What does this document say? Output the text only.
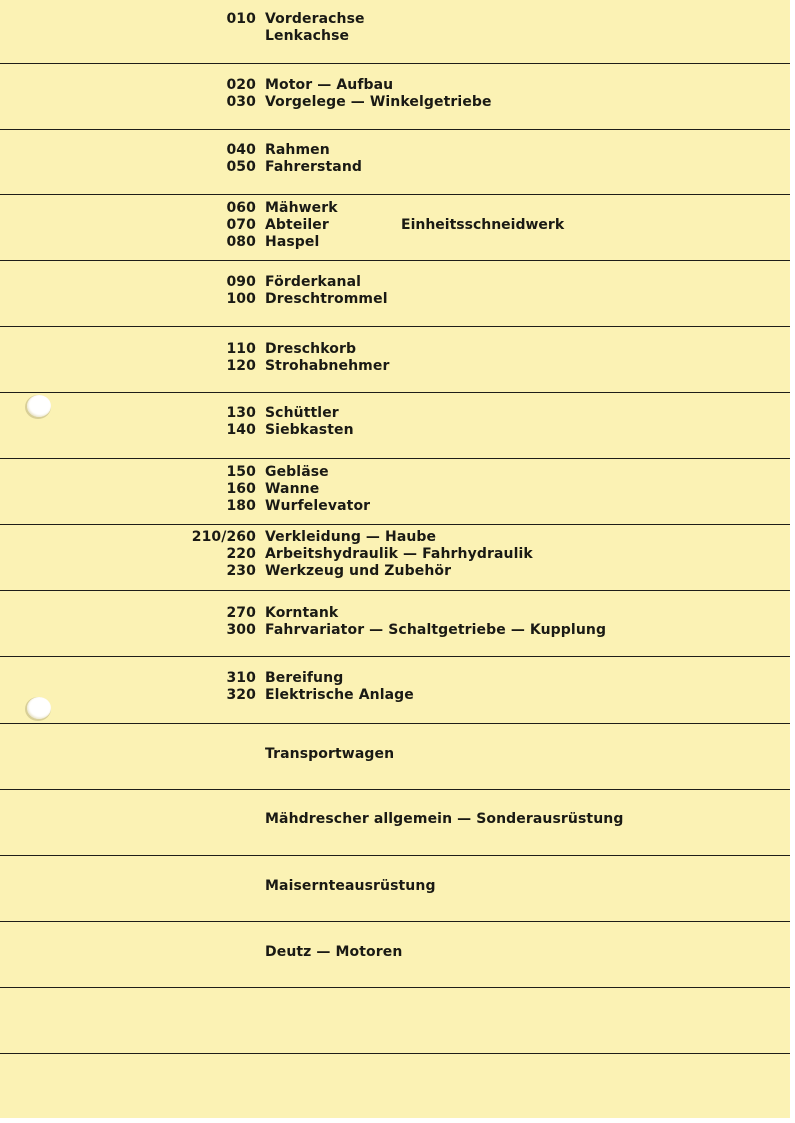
010 Vorderachse
Lenkachse
020 Motor — Aufbau
030 Vorgelege — Winkelgetriebe
040 Rahmen
050 Fahrerstand
060 Mähwerk
070 Abteiler
080 Haspel
Einheitsschneidwerk
090 Förderkanal
100 Dreschtrommel
110 Dreschkorb
120 Strohabnehmer
130 Schüttler
140 Siebkasten
150 Gebläse
160 Wanne
180 Wurfelevator
210/260 Verkleidung — Haube
220 Arbeitshydraulik — Fahrhydraulik
230 Werkzeug und Zubehör
270 Korntank
300 Fahrvariator — Schaltgetriebe — Kupplung
310 Bereifung
320 Elektrische Anlage
Transportwagen
Mähdrescher allgemein — Sonderausrüstung
Maisernteausrüstung
Deutz — Motoren
